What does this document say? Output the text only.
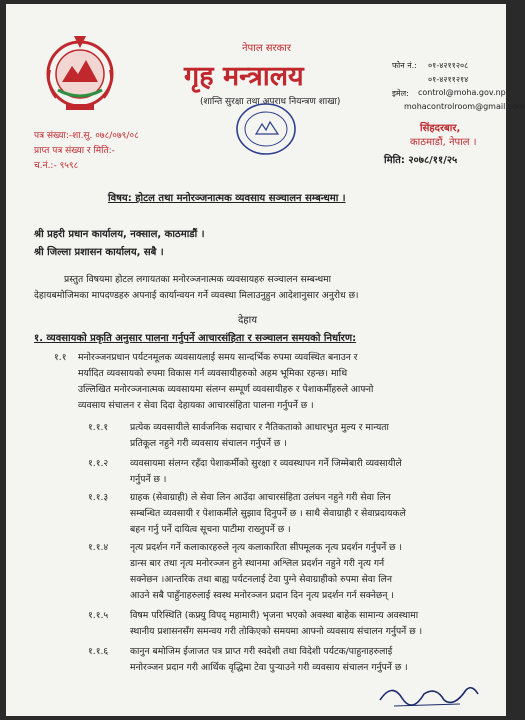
नेपाल सरकार
गृह मन्त्रालय
(शान्ति सुरक्षा तथा अपराध नियन्त्रण शाखा)
फोन नं.: ०१-४२११२०८
०१-४२११२१४
इमेल: control@moha.gov.np
mohacontrolroom@gmail.com
सिंहदरबार,
काठमाडौं, नेपाल ।
पत्र संख्या:-शा.सु. ०७८/०७९/०८
प्राप्त पत्र संख्या र मिति:-
च.नं.:- ९५९८	मिति: २०७८/११/२५
विषय: होटल तथा मनोरञ्जनात्मक व्यवसाय सञ्चालन सम्बन्धमा ।
श्री प्रहरी प्रधान कार्यालय, नक्साल, काठमाडौं ।
श्री जिल्ला प्रशासन कार्यालय, सबै ।
प्रस्तुत विषयमा होटल लगायतका मनोरञ्जनात्मक व्यवसायहरु सञ्चालन सम्बन्धमा
देहायबमोजिमका मापदण्डहरु अपनाई कार्यान्वयन गर्ने व्यवस्था मिलाउनुहुन आदेशानुसार अनुरोध छ।
देहाय
१. व्यवसायको प्रकृति अनुसार पालना गर्नुपर्ने आचारसंहिता र सञ्चालन समयको निर्धारण:
१.१ मनोरञ्जनप्रधान पर्यटनमूलक व्यवसायलाई समय सान्दर्भिक रुपमा व्यवस्थित बनाउन र
मर्यादित व्यवसायको रुपमा विकास गर्न व्यवसायीहरुको अहम भूमिका रहन्छ। माथि
उल्लिखित मनोरञ्जनात्मक व्यवसायमा संलग्न सम्पूर्ण व्यवसायीहरु र पेशाकर्मीहरुले आफ्नो
व्यवसाय संचालन र सेवा दिदा देहायका आचारसंहिता पालना गर्नुपर्ने छ ।
१.१.१ प्रत्येक व्यवसायीले सार्वजनिक सदाचार र नैतिकताको आधारभुत मुल्य र मान्यता
प्रतिकूल नहुने गरी व्यवसाय संचालन गर्नुपर्ने छ ।
१.१.२ व्यवसायमा संलग्न रहँदा पेशाकर्मीको सुरक्षा र व्यवस्थापन गर्ने जिम्मेबारी व्यवसायीले
गर्नुपर्ने छ ।
१.१.३ ग्राहक (सेवाग्राही) ले सेवा लिन आउँदा आचारसंहिता उलंघन नहुने गरी सेवा लिन
सम्बन्धित व्यवसायी र पेशाकर्मीले सुझाव दिनुपर्ने छ । साथै सेवाग्राही र सेवाप्रदायकले
बहन गर्नु पर्ने दायित्व सूचना पाटीमा राख्नुपर्ने छ ।
१.१.४ नृत्य प्रदर्शन गर्ने कलाकारहरुले नृत्य कलाकारिता सीपमूलक नृत्य प्रदर्शन गर्नुपर्ने छ ।
डान्स बार तथा नृत्य मनोरञ्जन हुने स्थानमा अश्लिल प्रदर्शन नहुने गरी नृत्य गर्न
सक्नेछन ।आन्तरिक तथा बाह्य पर्यटनलाई टेवा पुग्ने सेवाग्राहीको रुपमा सेवा लिन
आउने सबै पाहुँनाहरुलाई स्वस्थ मनोरञ्जन प्रदान दिन नृत्य प्रदर्शन गर्न सक्नेछन् ।
१.१.५ विषम परिस्थिति (कफ्र्यु विपद् महामारी) भृजना भएको अवस्था बाहेक सामान्य अवस्थामा
स्थानीय प्रशासनसँग समन्वय गरी तोकिएको समयमा आफ्नो व्यवसाय संचालन गर्नुपर्ने छ ।
१.१.६ कानुन बमोजिम ईजाजत पत्र प्राप्त गरी स्वदेशी तथा विदेशी पर्यटक/पाहुनाहरुलाई
मनोरञ्जन प्रदान गरी आर्थिक वृद्धिमा टेवा पुऱ्याउने गरी व्यवसाय संचालन गर्नुपर्ने छ ।
